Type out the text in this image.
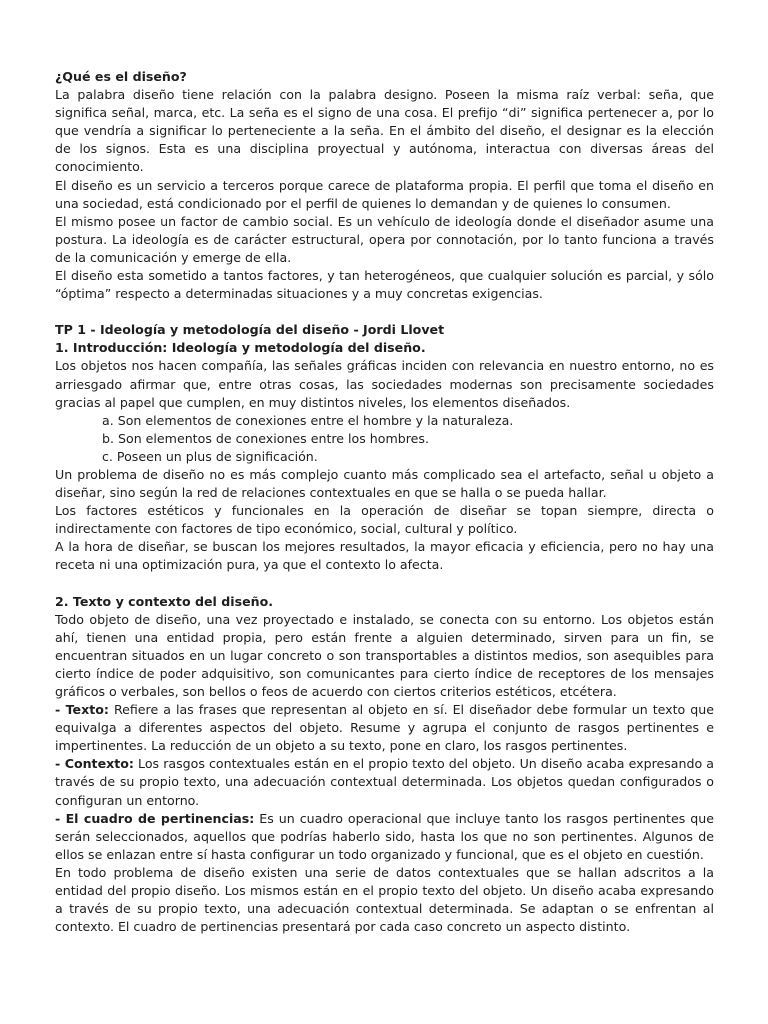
¿Qué es el diseño?

La palabra diseño tiene relación con la palabra designo. Poseen la misma raíz verbal: seña, que significa señal, marca, etc. La seña es el signo de una cosa. El prefijo “di” significa pertenecer a, por lo que vendría a significar lo perteneciente a la seña. En el ámbito del diseño, el designar es la elección de los signos. Esta es una disciplina proyectual y autónoma, interactua con diversas áreas del conocimiento.

El diseño es un servicio a terceros porque carece de plataforma propia. El perfil que toma el diseño en una sociedad, está condicionado por el perfil de quienes lo demandan y de quienes lo consumen.

El mismo posee un factor de cambio social. Es un vehículo de ideología donde el diseñador asume una postura. La ideología es de carácter estructural, opera por connotación, por lo tanto funciona a través de la comunicación y emerge de ella.

El diseño esta sometido a tantos factores, y tan heterogéneos, que cualquier solución es parcial, y sólo “óptima” respecto a determinadas situaciones y a muy concretas exigencias.

TP 1 - Ideología y metodología del diseño - Jordi Llovet

1. Introducción: Ideología y metodología del diseño.

Los objetos nos hacen compañía, las señales gráficas inciden con relevancia en nuestro entorno, no es arriesgado afirmar que, entre otras cosas, las sociedades modernas son precisamente sociedades gracias al papel que cumplen, en muy distintos niveles, los elementos diseñados.

a. Son elementos de conexiones entre el hombre y la naturaleza.

b. Son elementos de conexiones entre los hombres.

c. Poseen un plus de significación.

Un problema de diseño no es más complejo cuanto más complicado sea el artefacto, señal u objeto a diseñar, sino según la red de relaciones contextuales en que se halla o se pueda hallar.

Los factores estéticos y funcionales en la operación de diseñar se topan siempre, directa o indirectamente con factores de tipo económico, social, cultural y político.

A la hora de diseñar, se buscan los mejores resultados, la mayor eficacia y eficiencia, pero no hay una receta ni una optimización pura, ya que el contexto lo afecta.

2. Texto y contexto del diseño.

Todo objeto de diseño, una vez proyectado e instalado, se conecta con su entorno. Los objetos están ahí, tienen una entidad propia, pero están frente a alguien determinado, sirven para un fin, se encuentran situados en un lugar concreto o son transportables a distintos medios, son asequibles para cierto índice de poder adquisitivo, son comunicantes para cierto índice de receptores de los mensajes gráficos o verbales, son bellos o feos de acuerdo con ciertos criterios estéticos, etcétera.

- Texto: Refiere a las frases que representan al objeto en sí. El diseñador debe formular un texto que equivalga a diferentes aspectos del objeto. Resume y agrupa el conjunto de rasgos pertinentes e impertinentes. La reducción de un objeto a su texto, pone en claro, los rasgos pertinentes.

- Contexto: Los rasgos contextuales están en el propio texto del objeto. Un diseño acaba expresando a través de su propio texto, una adecuación contextual determinada. Los objetos quedan configurados o configuran un entorno.

- El cuadro de pertinencias: Es un cuadro operacional que incluye tanto los rasgos pertinentes que serán seleccionados, aquellos que podrías haberlo sido, hasta los que no son pertinentes. Algunos de ellos se enlazan entre sí hasta configurar un todo organizado y funcional, que es el objeto en cuestión.

En todo problema de diseño existen una serie de datos contextuales que se hallan adscritos a la entidad del propio diseño. Los mismos están en el propio texto del objeto. Un diseño acaba expresando a través de su propio texto, una adecuación contextual determinada. Se adaptan o se enfrentan al contexto. El cuadro de pertinencias presentará por cada caso concreto un aspecto distinto.
